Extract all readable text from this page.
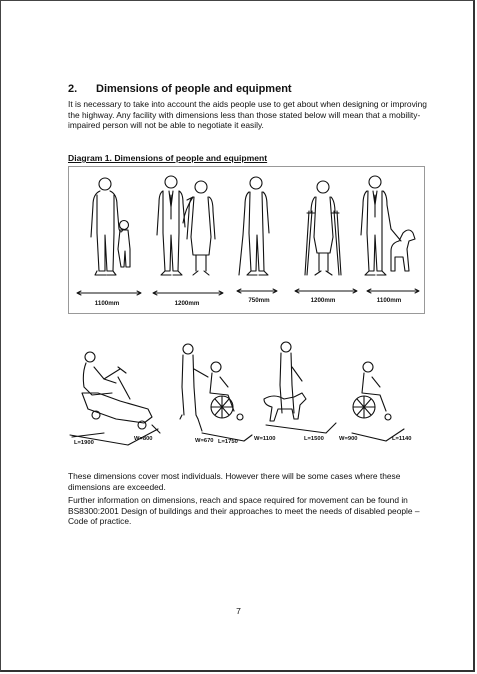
2. Dimensions of people and equipment

It is necessary to take into account the aids people use to get about when designing or improving the highway. Any facility with dimensions less than those stated below will mean that a mobility-impaired person will not be able to negotiate it easily.

Diagram 1. Dimensions of people and equipment
1100mm	1200mm	750mm	1200mm	1100mm
L=1900
W=800	W=670 L=1750	W=1100	L=1500	W=900	L=1140

These dimensions cover most individuals. However there will be some cases where these dimensions are exceeded.

Further information on dimensions, reach and space required for movement can be found in BS8300:2001 Design of buildings and their approaches to meet the needs of disabled people – Code of practice.

7
